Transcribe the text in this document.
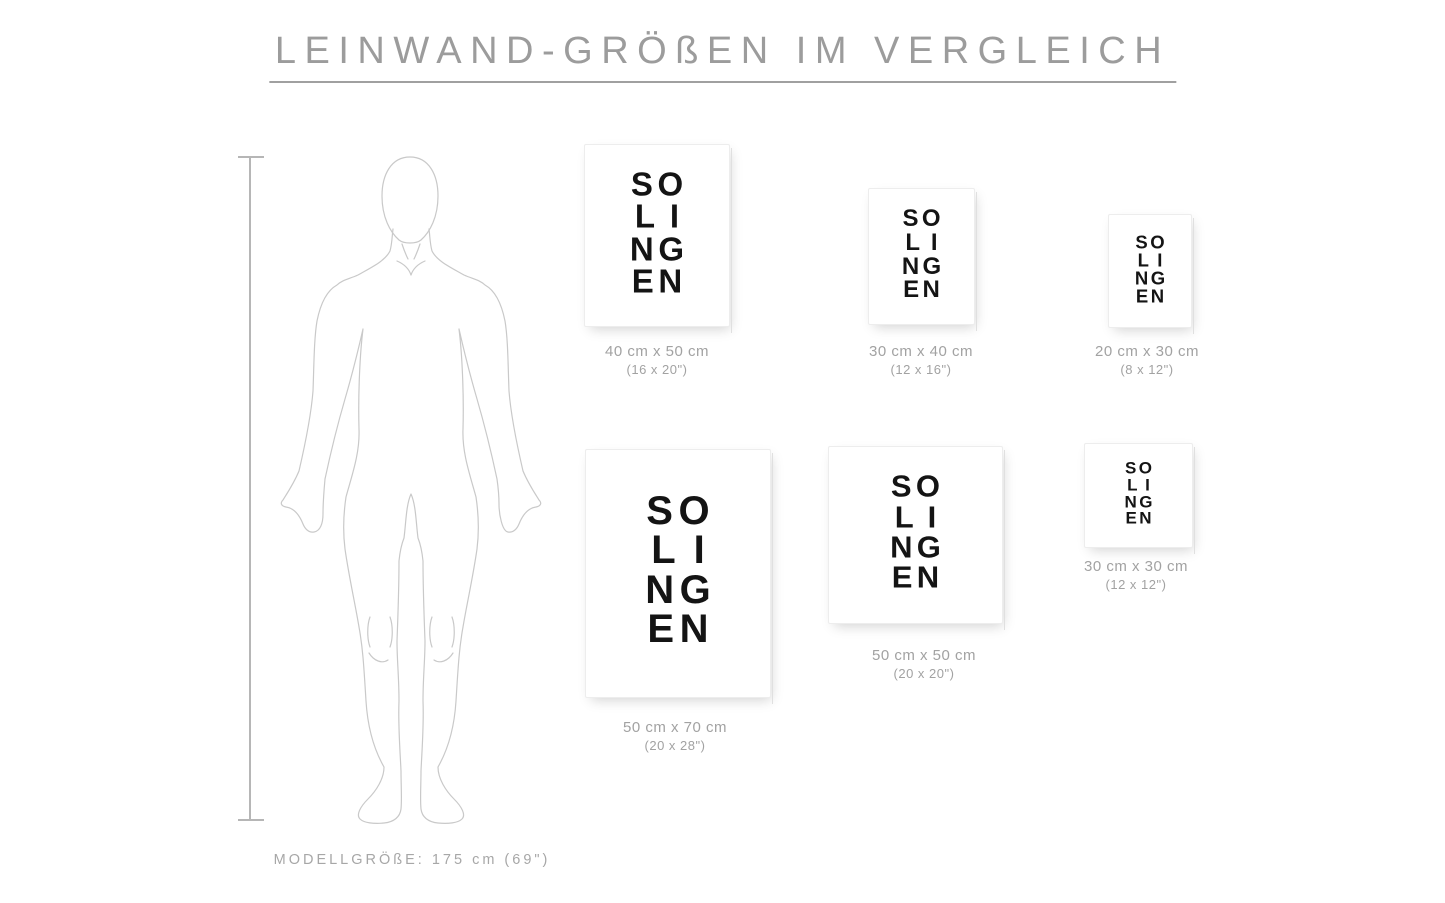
LEINWAND-GRÖßEN IM VERGLEICH
MODELLGRÖßE: 175 cm (69")
SO
LI
NG
EN
SO
LI
NG
EN
SO
LI
NG
EN
SO
LI
NG
EN
SO
LI
NG
EN
SO
LI
NG
EN
40 cm x 50 cm
(16 x 20")
30 cm x 40 cm
(12 x 16")
20 cm x 30 cm
(8 x 12")
50 cm x 70 cm
(20 x 28")
50 cm x 50 cm
(20 x 20")
30 cm x 30 cm
(12 x 12")
